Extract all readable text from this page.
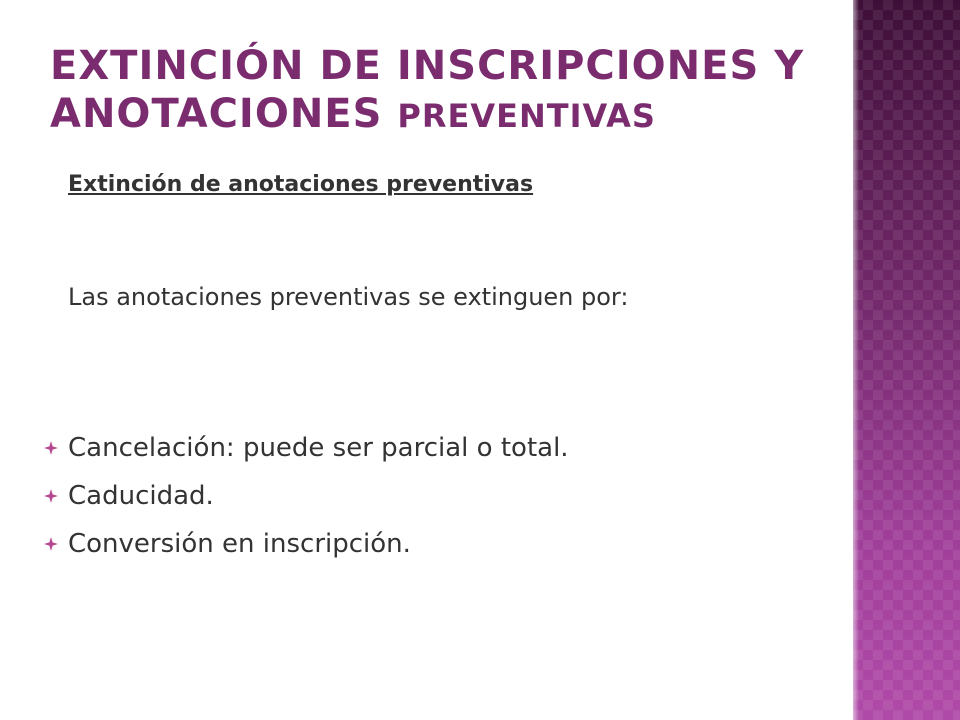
EXTINCIÓN DE INSCRIPCIONES Y
ANOTACIONES PREVENTIVAS
Extinción de anotaciones preventivas
Las anotaciones preventivas se extinguen por:
Cancelación: puede ser parcial o total.
Caducidad.
Conversión en inscripción.
